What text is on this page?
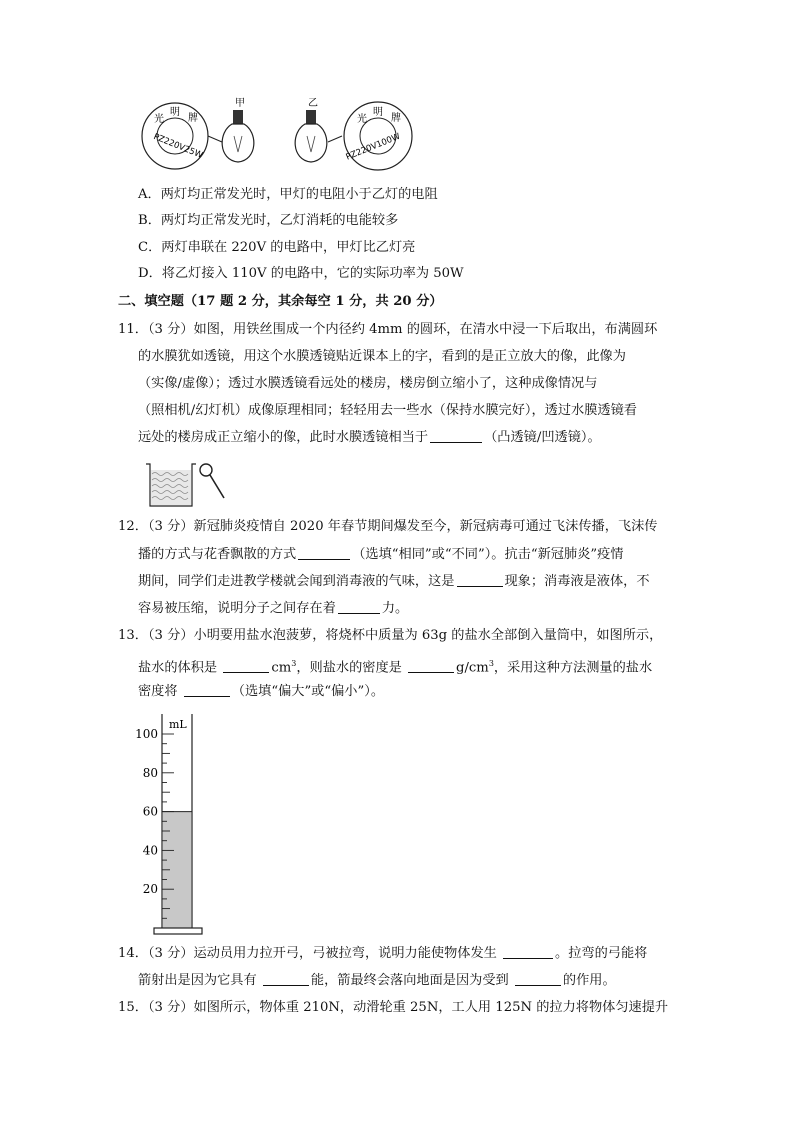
光
明
牌
PZ220V25W
甲	乙
光
明
牌
PZ220V100W
A．两灯均正常发光时，甲灯的电阻小于乙灯的电阻
B．两灯均正常发光时，乙灯消耗的电能较多
C．两灯串联在 220V 的电路中，甲灯比乙灯亮
D．将乙灯接入 110V 的电路中，它的实际功率为 50W
二、填空题（17 题 2 分，其余每空 1 分，共 20 分）
11．（3 分）如图，用铁丝围成一个内径约 4mm 的圆环，在清水中浸一下后取出，布满圆环
的水膜犹如透镜，用这个水膜透镜贴近课本上的字，看到的是正立放大的像，此像为
（实像/虚像）；透过水膜透镜看远处的楼房，楼房倒立缩小了，这种成像情况与
（照相机/幻灯机）成像原理相同；轻轻用去一些水（保持水膜完好），透过水膜透镜看
远处的楼房成正立缩小的像，此时水膜透镜相当于	（凸透镜/凹透镜）。
12．（3 分）新冠肺炎疫情自 2020 年春节期间爆发至今，新冠病毒可通过飞沫传播，飞沫传
播的方式与花香飘散的方式	（选填“相同”或“不同”）。抗击“新冠肺炎”疫情
期间，同学们走进教学楼就会闻到消毒液的气味，这是	现象；消毒液是液体，不
容易被压缩，说明分子之间存在着	力。
13．（3 分）小明要用盐水泡菠萝，将烧杯中质量为 63g 的盐水全部倒入量筒中，如图所示，
盐水的体积是	$cm^3$，则盐水的密度是	$g/cm^3$，采用这种方法测量的盐水
密度将	（选填“偏大”或“偏小”）。
100
80
60
40
20
mL
14．（3 分）运动员用力拉开弓，弓被拉弯，说明力能使物体发生	。拉弯的弓能将
箭射出是因为它具有	能，箭最终会落向地面是因为受到	的作用。
15．（3 分）如图所示，物体重 210N，动滑轮重 25N，工人用 125N 的拉力将物体匀速提升
